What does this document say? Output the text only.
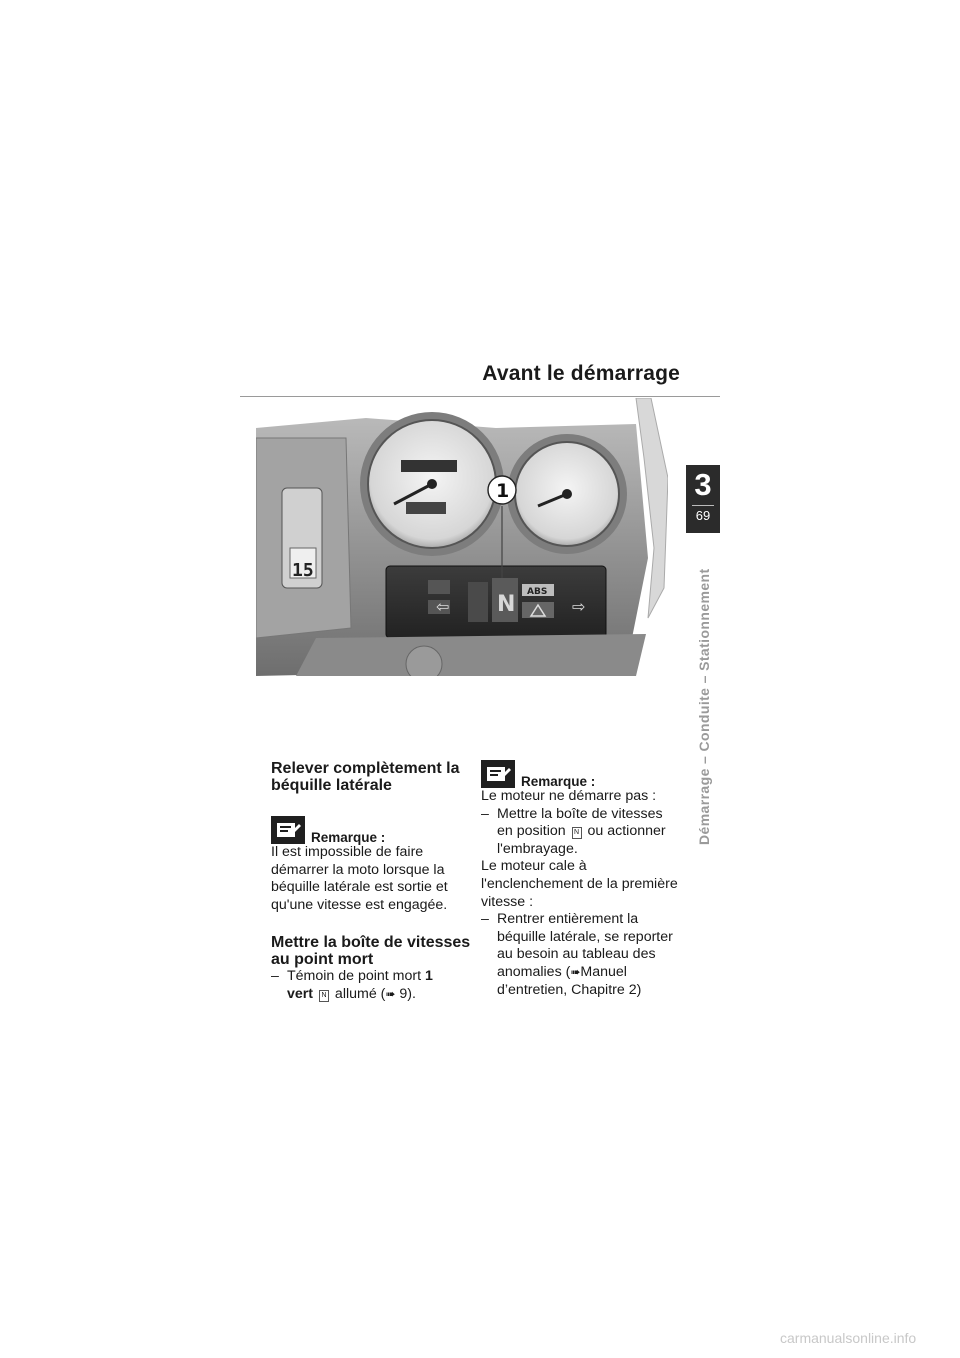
Avant le démarrage
15
N ABS
⇦	⇨
1	3
69
Démarrage – Conduite – Stationnement
Relever complètement la béquille latérale
Remarque :

Il est impossible de faire démarrer la moto lorsque la béquille latérale est sortie et qu'une vitesse est engagée.

Mettre la boîte de vitesses au point mort
– Témoin de point mort 1
vert N allumé (➠ 9).
Remarque :

Le moteur ne démarre pas :

– Mettre la boîte de vitesses en position N ou actionner l'embrayage.

Le moteur cale à l'enclenchement de la première vitesse :

– Rentrer entièrement la béquille latérale, se reporter au besoin au tableau des anomalies (➠Manuel d’entretien, Chapitre 2)
carmanualsonline.info
